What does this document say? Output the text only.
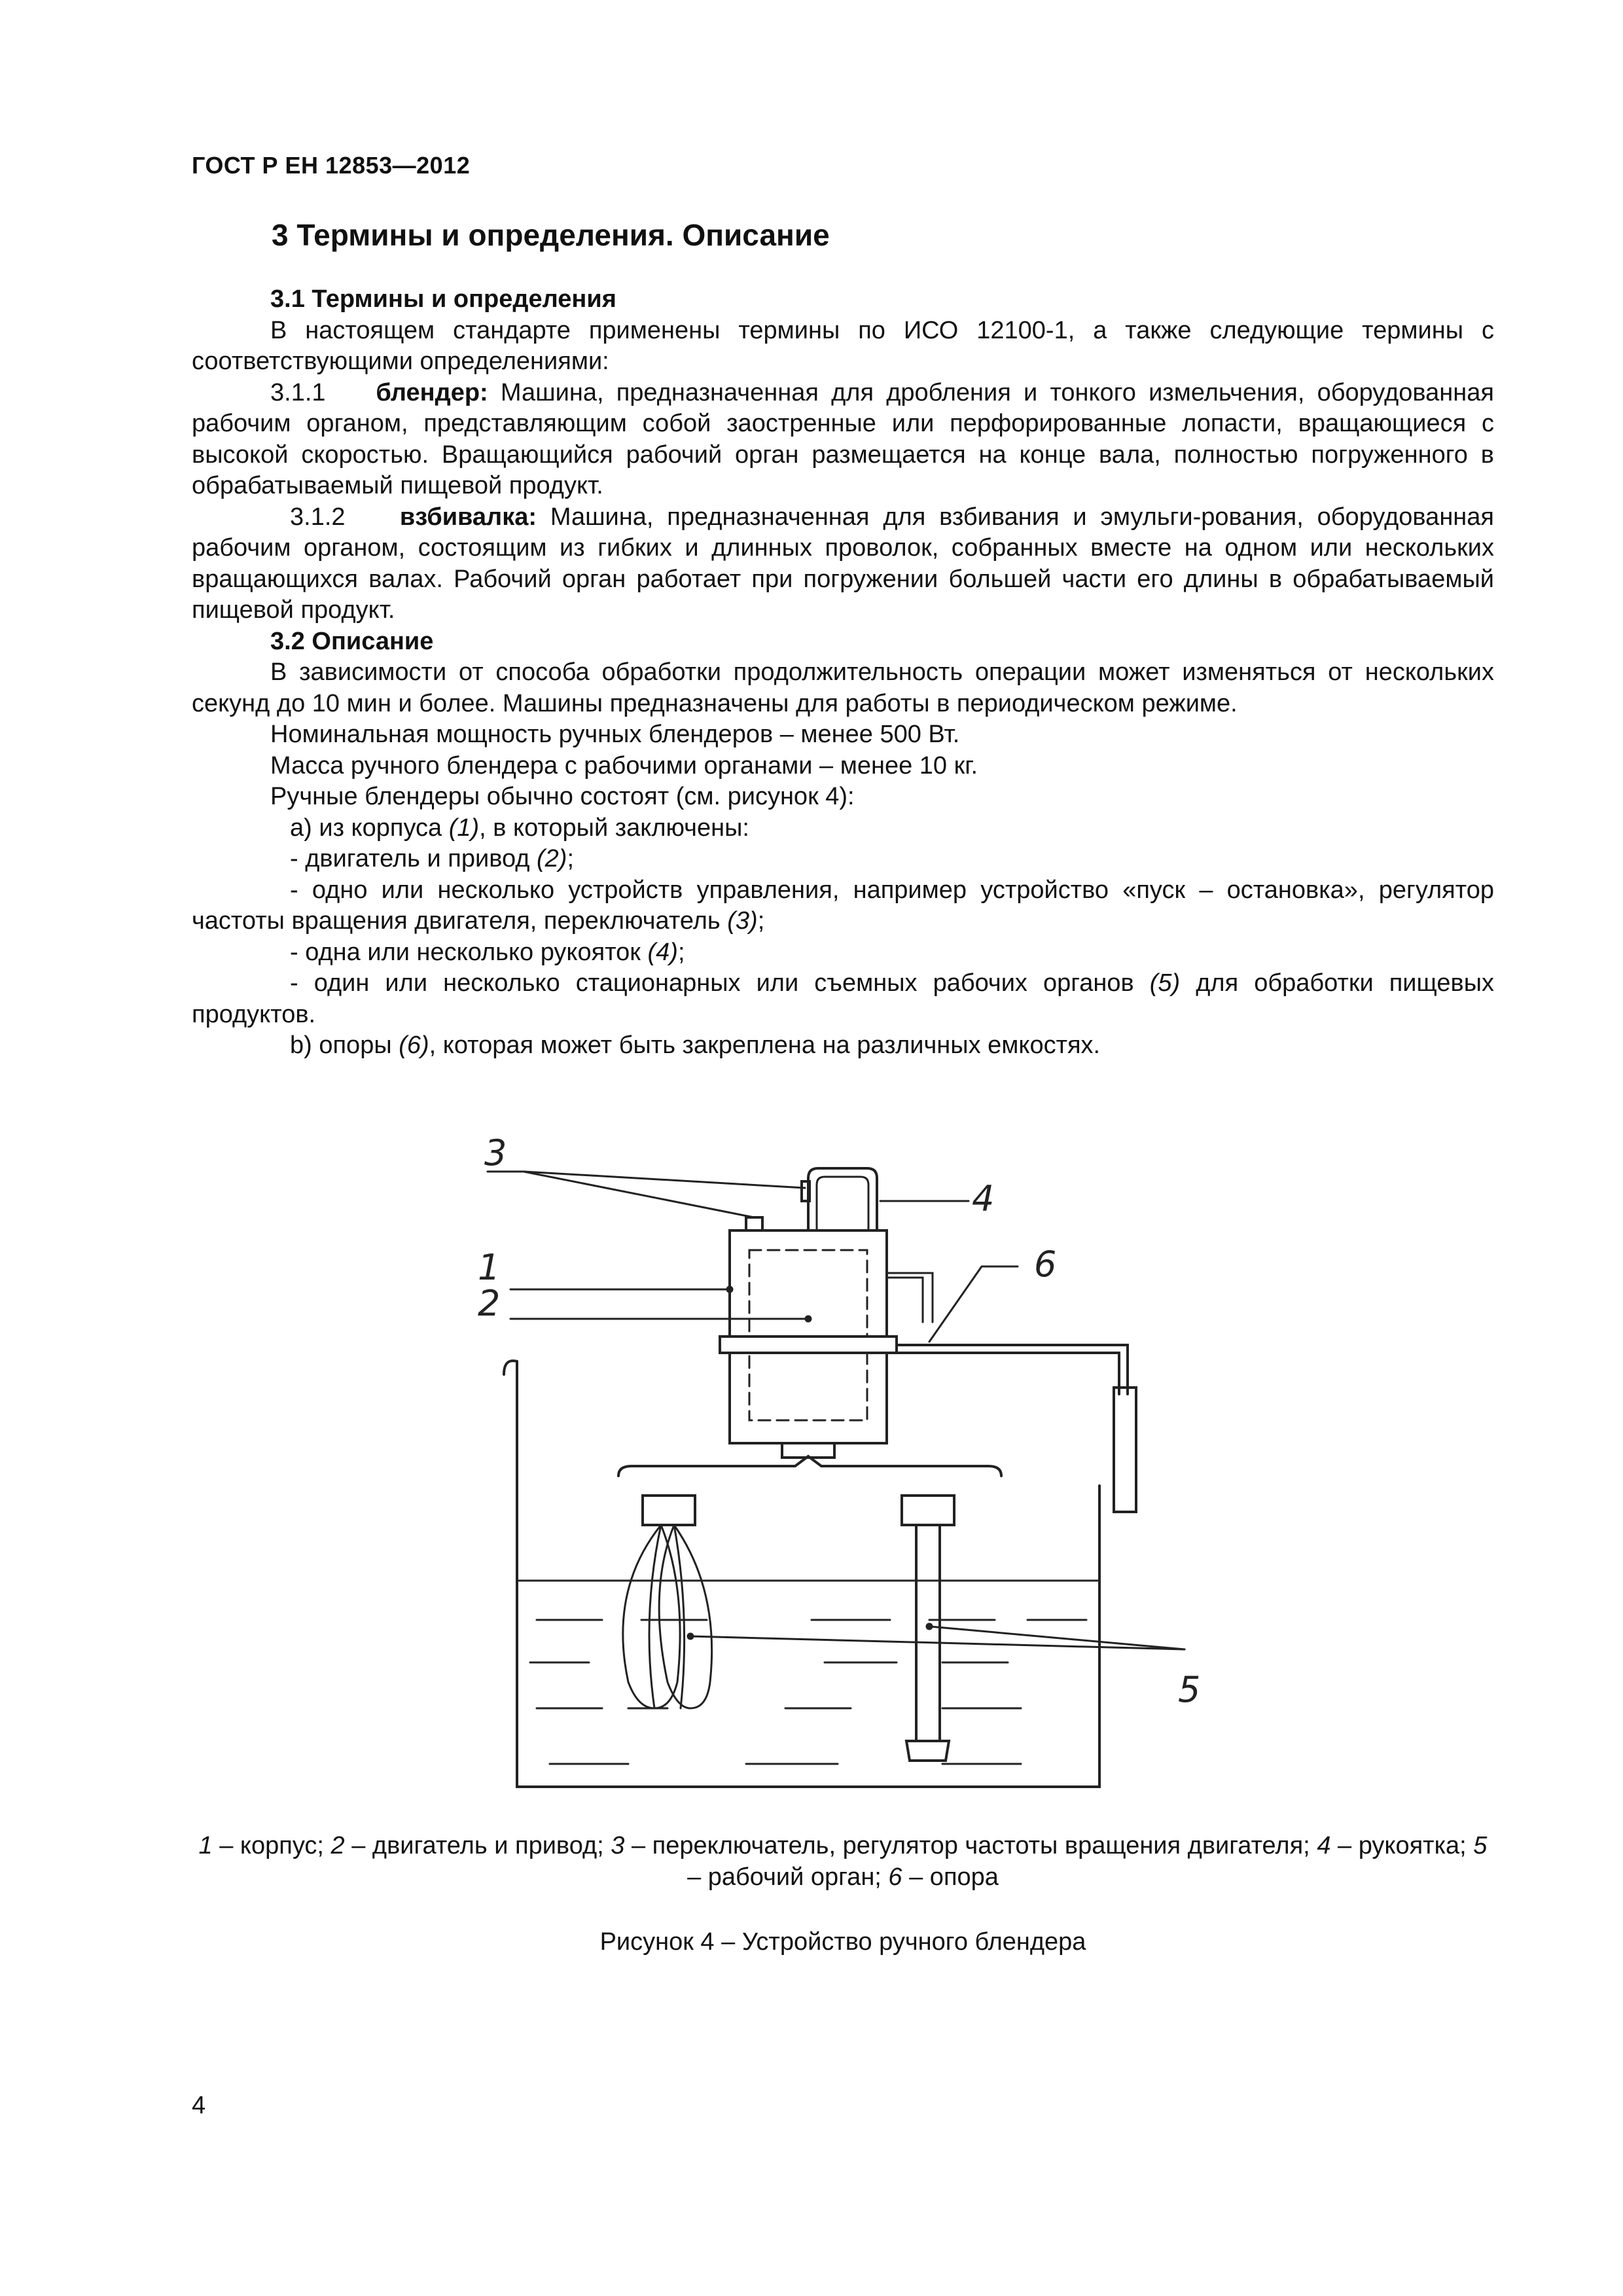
ГОСТ Р ЕН 12853—2012
3 Термины и определения. Описание

3.1 Термины и определения

В настоящем стандарте применены термины по ИСО 12100-1, а также следующие термины с соответствующими определениями:

3.1.1 блендер: Машина, предназначенная для дробления и тонкого измельчения, оборудованная рабочим органом, представляющим собой заостренные или перфорированные лопасти, вращающиеся с высокой скоростью. Вращающийся рабочий орган размещается на конце вала, полностью погруженного в обрабатываемый пищевой продукт.

3.1.2 взбивалка: Машина, предназначенная для взбивания и эмульги-рования, оборудованная рабочим органом, состоящим из гибких и длинных проволок, собранных вместе на одном или нескольких вращающихся валах. Рабочий орган работает при погружении большей части его длины в обрабатываемый пищевой продукт.

3.2 Описание

В зависимости от способа обработки продолжительность операции может изменяться от нескольких секунд до 10 мин и более. Машины предназначены для работы в периодическом режиме.

Номинальная мощность ручных блендеров – менее 500 Вт.

Масса ручного блендера с рабочими органами – менее 10 кг.

Ручные блендеры обычно состоят (см. рисунок 4):

а) из корпуса (1), в который заключены:

- двигатель и привод (2);

- одно или несколько устройств управления, например устройство «пуск – остановка», регулятор частоты вращения двигателя, переключатель (3);

- одна или несколько рукояток (4);

- один или несколько стационарных или съемных рабочих органов (5) для обработки пищевых продуктов.

b) опоры (6), которая может быть закреплена на различных емкостях.

1
2
3
4
5
6
1 – корпус; 2 – двигатель и привод; 3 – переключатель, регулятор частоты вращения двигателя; 4 – рукоятка; 5 – рабочий орган; 6 – опора
Рисунок 4 – Устройство ручного блендера
4
